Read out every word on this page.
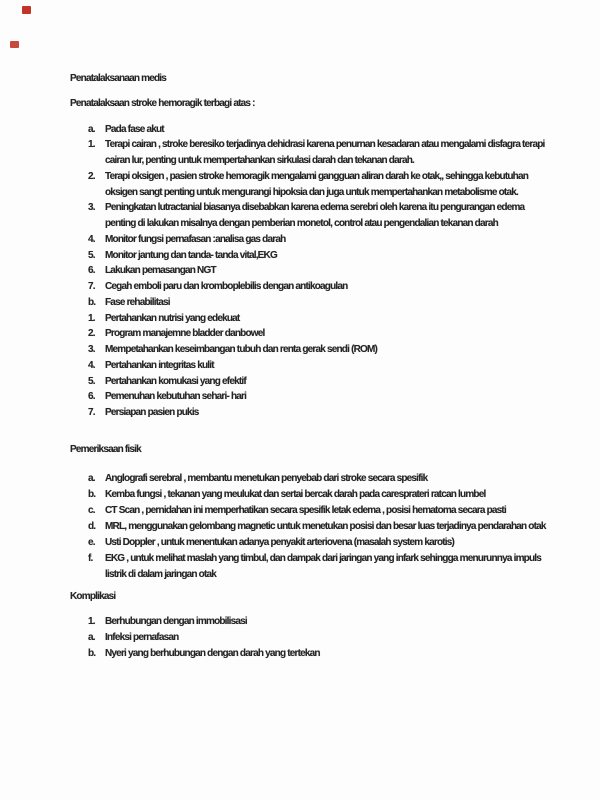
Penatalaksanaan medis

Penatalaksaan stroke hemoragik terbagi atas :

a.	Pada fase akut
1.	Terapi cairan , stroke beresiko terjadinya dehidrasi karena penurnan kesadaran atau mengalami disfagra terapi cairan lur, penting untuk mempertahankan sirkulasi darah dan tekanan darah.
2.	Terapi oksigen , pasien stroke hemoragik mengalami gangguan aliran darah ke otak,, sehingga kebutuhan oksigen sangt penting untuk mengurangi hipoksia dan juga untuk mempertahankan metabolisme otak.
3.	Peningkatan lutractanial biasanya disebabkan karena edema serebri oleh karena itu pengurangan edema penting di lakukan misalnya dengan pemberian monetol, control atau pengendalian tekanan darah
4.	Monitor fungsi pernafasan :analisa gas darah
5.	Monitor jantung dan tanda- tanda vital,EKG
6.	Lakukan pemasangan NGT
7.	Cegah emboli paru dan kromboplebilis dengan antikoagulan
b. Fase rehabilitasi
1.	Pertahankan nutrisi yang edekuat
2.	Program manajemne bladder danbowel
3.	Mempetahankan keseimbangan tubuh dan renta gerak sendi (ROM)
4.	Pertahankan integritas kulit
5.	Pertahankan komukasi yang efektif
6.	Pemenuhan kebutuhan sehari- hari
7.	Persiapan pasien pukis

Pemeriksaan fisik

a.	Anglografi serebral , membantu menetukan penyebab dari stroke secara spesifik
b. Kemba fungsi , tekanan yang meulukat dan sertai bercak darah pada caresprateri ratcan lumbel
c.	CT Scan , pernidahan ini memperhatikan secara spesifik letak edema , posisi hematoma secara pasti
d. MRL, menggunakan gelombang magnetic untuk menetukan posisi dan besar luas terjadinya pendarahan otak
e.	Usti Doppler , untuk menentukan adanya penyakit arteriovena (masalah system karotis)
f.	EKG , untuk melihat maslah yang timbul, dan dampak dari jaringan yang infark sehingga menurunnya impuls listrik di dalam jaringan otak

Komplikasi

1.	Berhubungan dengan immobilisasi
a.	Infeksi pernafasan
b. Nyeri yang berhubungan dengan darah yang tertekan
